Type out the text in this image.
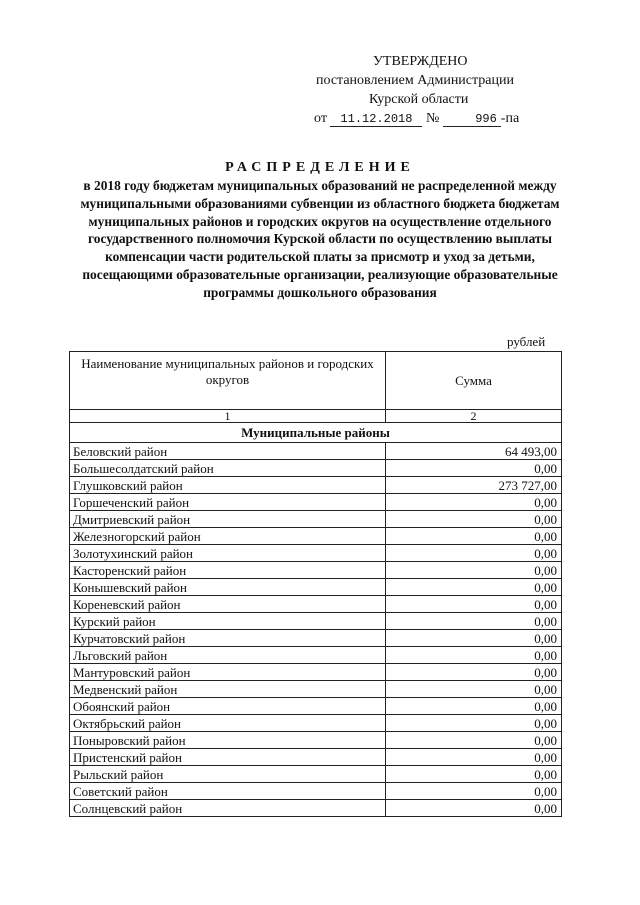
УТВЕРЖДЕНО
постановлением Администрации
Курской области
от 11.12.2018 №	996 -па
РАСПРЕДЕЛЕНИЕ
в 2018 году бюджетам муниципальных образований не распределенной между муниципальными образованиями субвенции из областного бюджета бюджетам муниципальных районов и городских округов на осуществление отдельного государственного полномочия Курской области по осуществлению выплаты компенсации части родительской платы за присмотр и уход за детьми, посещающими образовательные организации, реализующие образовательные программы дошкольного образования
рублей
Наименование муниципальных районов и городских округов	Сумма
1	2
Муниципальные районы	
Беловский район	64 493,00
Большесолдатский район	0,00
Глушковский район	273 727,00
Горшеченский район	0,00
Дмитриевский район	0,00
Железногорский район	0,00
Золотухинский район	0,00
Касторенский район	0,00
Конышевский район	0,00
Кореневский район	0,00
Курский район	0,00
Курчатовский район	0,00
Льговский район	0,00
Мантуровский район	0,00
Медвенский район	0,00
Обоянский район	0,00
Октябрьский район	0,00
Поныровский район	0,00
Пристенский район	0,00
Рыльский район	0,00
Советский район	0,00
Солнцевский район	0,00
